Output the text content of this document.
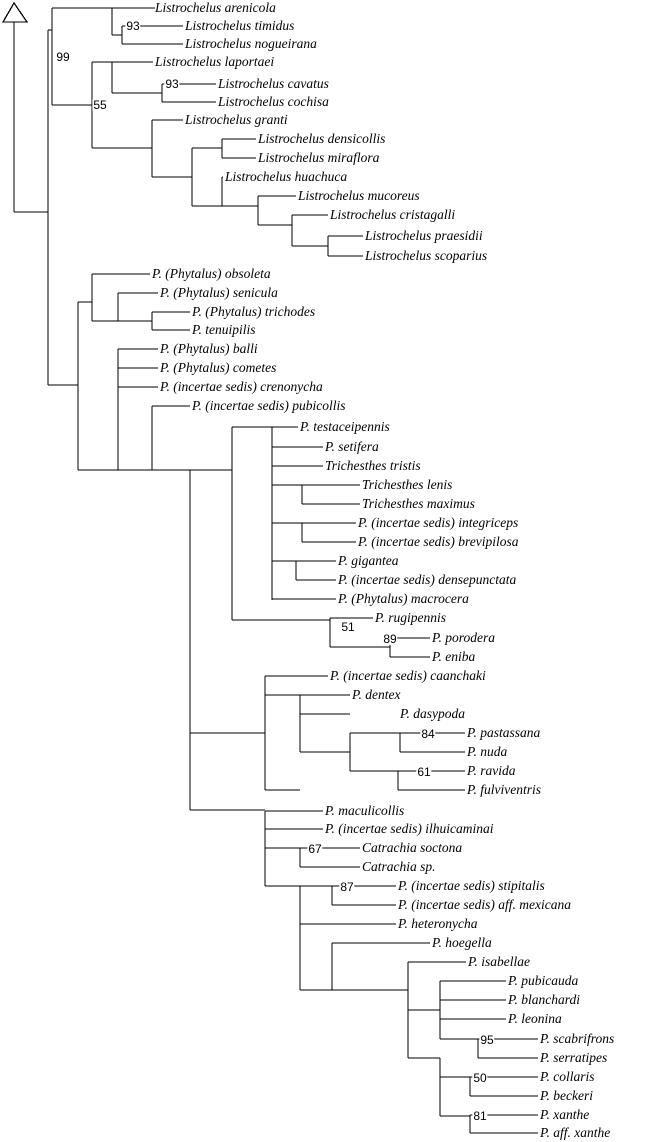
Listrochelus arenicola
Listrochelus timidus
Listrochelus nogueirana
Listrochelus laportaei
Listrochelus cavatus
Listrochelus cochisa
Listrochelus granti
Listrochelus densicollis
Listrochelus miraflora
Listrochelus huachuca
Listrochelus mucoreus
Listrochelus cristagalli
Listrochelus praesidii
Listrochelus scoparius
P. (Phytalus) obsoleta
P. (Phytalus) senicula
P. (Phytalus) trichodes
P. tenuipilis
P. (Phytalus) balli
P. (Phytalus) cometes
P. (incertae sedis) crenonycha
P. (incertae sedis) pubicollis
P. testaceipennis
P. setifera
Trichesthes tristis
Trichesthes lenis
Trichesthes maximus
P. (incertae sedis) integriceps
P. (incertae sedis) brevipilosa
P. gigantea
P. (incertae sedis) densepunctata
P. (Phytalus) macrocera
P. rugipennis
P. porodera
P. eniba
P. (incertae sedis) caanchaki
P. dentex
P. dasypoda
P. pastassana
P. nuda
P. ravida
P. fulviventris
P. maculicollis
P. (incertae sedis) ilhuicaminai
Catrachia soctona
Catrachia sp.
P. (incertae sedis) stipitalis
P. (incertae sedis) aff. mexicana
P. heteronycha
P. hoegella
P. isabellae
P. pubicauda
P. blanchardi
P. leonina
P. scabrifrons
P. serratipes
P. collaris
P. beckeri
P. xanthe
P. aff. xanthe
93
99
93
55
51
89
84
61
67
87
95
50
81
